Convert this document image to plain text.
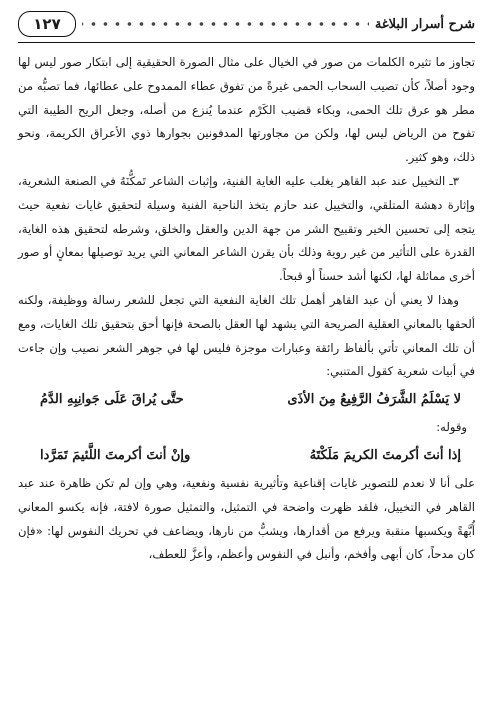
شرح أسرار البلاغة
١٢٧

تجاوز ما تثيره الكلمات من صور في الخيال على مثال الصورة الحقيقية إلى ابتكار صور ليس لها وجود أصلاً، كأن تصيب السحاب الحمى غيرةً من تفوق عطاء الممدوح على عطائها، فما تصبُّه من مطر هو عرق تلك الحمى، وبكاء قضيب الكَرْم عندما يُنزع من أصله، وجعل الريح الطيبة التي تفوح من الرياض ليس لها، ولكن من مجاورتها المدفونين بجوارها ذوي الأعراق الكريمة، ونحو ذلك، وهو كثير.

٣ـ التخييل عند عبد القاهر يغلب عليه الغاية الفنية، وإثبات الشاعر تَمكُّنَهُ في الصنعة الشعرية، وإثارة دهشة المتلقي، والتخييل عند حازم يتخذ الناحية الفنية وسيلة لتحقيق غايات نفعية حيث يتجه إلى تحسين الخير وتقبيح الشر من جهة الدين والعقل والخلق، وشرطه لتحقيق هذه الغاية، القدرة على التأثير من غير روية وذلك بأن يقرن الشاعر المعاني التي يريد توصيلها بمعانٍ أو صور أخرى مماثلة لها، لكنها أشد حسناً أو قبحاً.

وهذا لا يعني أن عبد القاهر أهمل تلك الغاية النفعية التي تجعل للشعر رسالة ووظيفة، ولكنه ألحقها بالمعاني العقلية الصريحة التي يشهد لها العقل بالصحة فإنها أحق بتحقيق تلك الغايات، ومع أن تلك المعاني تأتي بألفاظ رائقة وعبارات موجزة فليس لها في جوهر الشعر نصيب وإن جاءت في أبيات شعرية كقول المتنبي:

لا يَسْلَمُ الشَّرَفُ الرَّفِيعُ مِنَ الأذَى
حتَّى يُراقَ عَلَى جَوانِبِهِ الدَّمُ
وقوله:
إذا أنتَ أكرمتَ الكريمَ مَلَكْتَهُ
وإنْ أنتَ أكرمتَ اللَّئيمَ تَمَرَّدا

على أنا لا نعدم للتصوير غايات إقناعية وتأثيرية نفسية ونفعية، وهي وإن لم تكن ظاهرة عند عبد القاهر في التخييل، فلقد ظهرت واضحة في التمثيل، والتمثيل صورة لافتة، فإنه يكسو المعاني أُبَّهةً ويكسبها منقبة ويرفع من أقدارها، ويشبُّ من نارها، ويضاعف في تحريك النفوس لها: «فإن كان مدحاً، كان أبهى وأفخم، وأنبل في النفوس وأعظم، وأعزَّ للعطف،
